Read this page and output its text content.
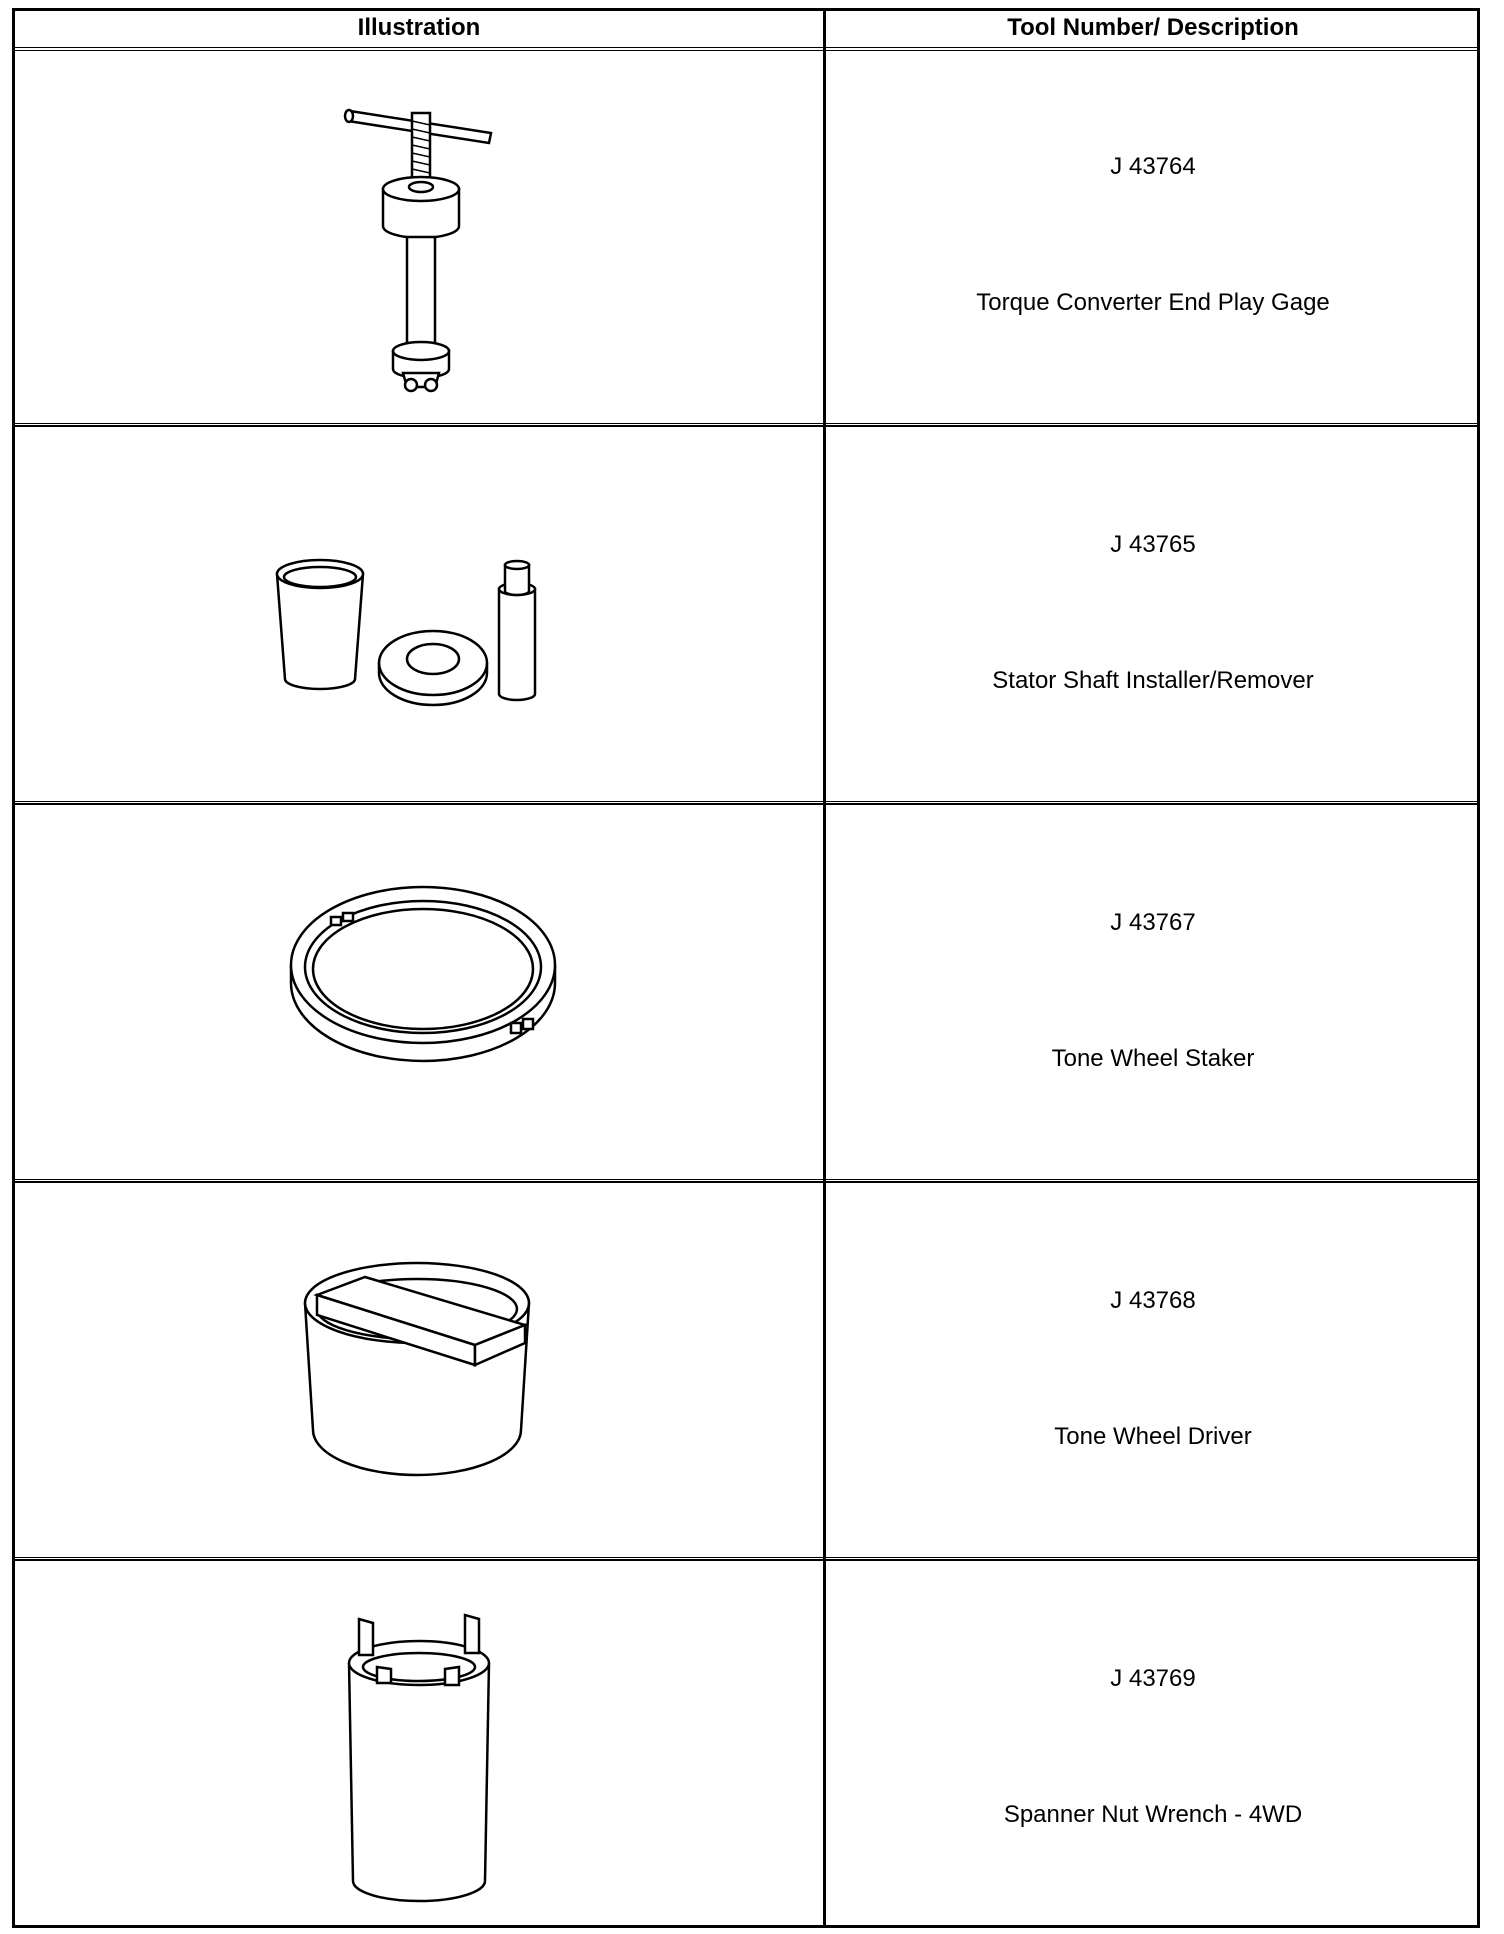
Illustration	Tool Number/ Description
J 43764
Torque Converter End Play Gage
J 43765
Stator Shaft Installer/Remover
J 43767
Tone Wheel Staker
J 43768
Tone Wheel Driver
J 43769
Spanner Nut Wrench - 4WD
